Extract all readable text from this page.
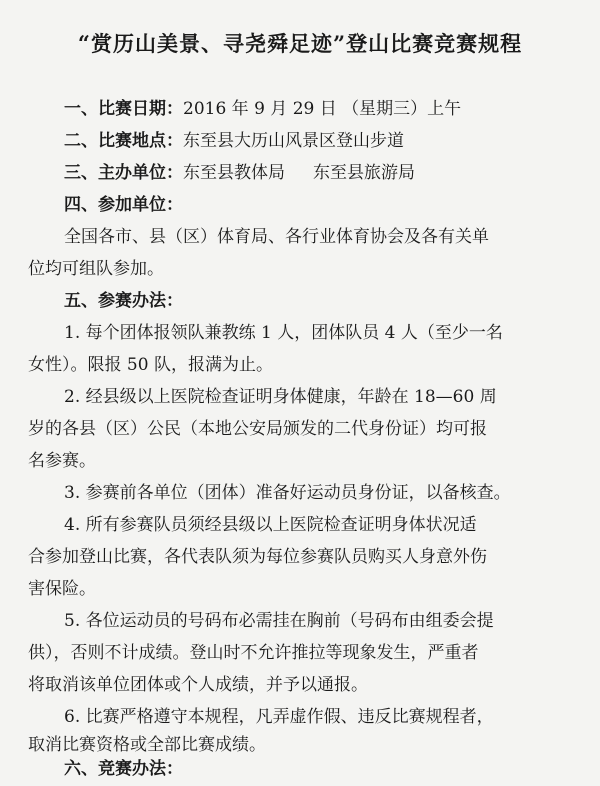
“赏历山美景、寻尧舜足迹”登山比赛竞赛规程
一、比赛日期：2016 年 9 月 29 日 （星期三）上午
二、比赛地点：东至县大历山风景区登山步道
三、主办单位：东至县教体局 东至县旅游局
四、参加单位：
全国各市、县（区）体育局、各行业体育协会及各有关单
位均可组队参加。
五、参赛办法：
1. 每个团体报领队兼教练 1 人，团体队员 4 人（至少一名
女性）。限报 50 队，报满为止。
2. 经县级以上医院检查证明身体健康，年龄在 18—60 周
岁的各县（区）公民（本地公安局颁发的二代身份证）均可报
名参赛。
3. 参赛前各单位（团体）准备好运动员身份证，以备核查。
4. 所有参赛队员须经县级以上医院检查证明身体状况适
合参加登山比赛，各代表队须为每位参赛队员购买人身意外伤
害保险。
5. 各位运动员的号码布必需挂在胸前（号码布由组委会提
供），否则不计成绩。登山时不允许推拉等现象发生，严重者
将取消该单位团体或个人成绩，并予以通报。
6. 比赛严格遵守本规程，凡弄虚作假、违反比赛规程者，
取消比赛资格或全部比赛成绩。
六、竞赛办法：
